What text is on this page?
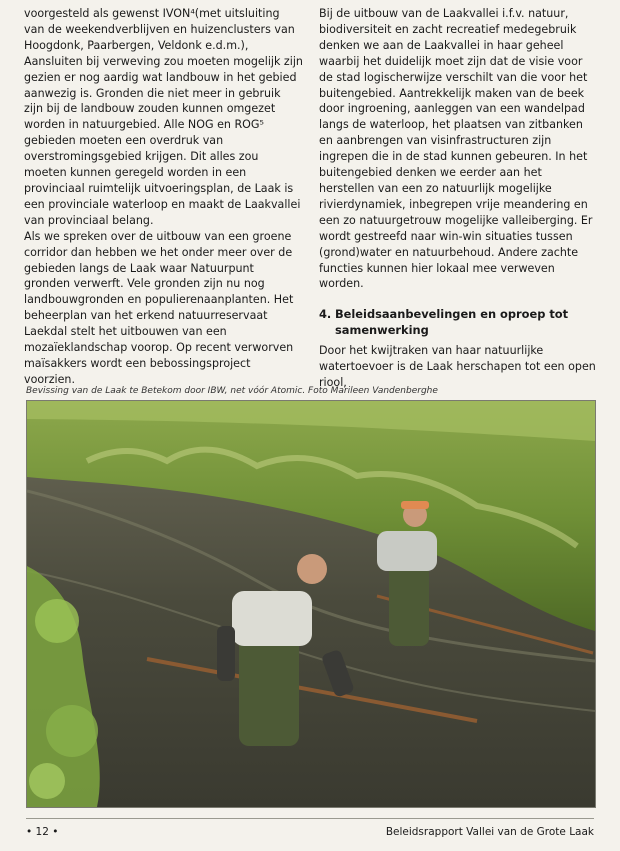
voorgesteld als gewenst IVON⁴(met uitsluiting van de weekendverblijven en huizenclusters van Hoogdonk, Paarbergen, Veldonk e.d.m.), Aansluiten bij verweving zou moeten mogelijk zijn gezien er nog aardig wat landbouw in het gebied aanwezig is. Gronden die niet meer in gebruik zijn bij de landbouw zouden kunnen omgezet worden in natuurgebied. Alle NOG en ROG⁵ gebieden moeten een overdruk van overstromingsgebied krijgen. Dit alles zou moeten kunnen geregeld worden in een provinciaal ruimtelijk uitvoeringsplan, de Laak is een provinciale waterloop en maakt de Laakvallei van provinciaal belang.

Als we spreken over de uitbouw van een groene corridor dan hebben we het onder meer over de gebieden langs de Laak waar Natuurpunt gronden verwerft. Vele gronden zijn nu nog landbouwgronden en populierenaanplanten. Het beheerplan van het erkend natuurreservaat Laekdal stelt het uitbouwen van een mozaïeklandschap voorop. Op recent verworven maïsakkers wordt een bebossingsproject voorzien.

Bij de uitbouw van de Laakvallei i.f.v. natuur, biodiversiteit en zacht recreatief medegebruik denken we aan de Laakvallei in haar geheel waarbij het duidelijk moet zijn dat de visie voor de stad logischerwijze verschilt van die voor het buitengebied. Aantrekkelijk maken van de beek door ingroening, aanleggen van een wandelpad langs de waterloop, het plaatsen van zitbanken en aanbrengen van visinfrastructuren zijn ingrepen die in de stad kunnen gebeuren. In het buitengebied denken we eerder aan het herstellen van een zo natuurlijk mogelijke rivierdynamiek, inbegrepen vrije meandering en een zo natuurgetrouw mogelijke valleiberging. Er wordt gestreefd naar win-win situaties tussen (grond)water en natuurbehoud. Andere zachte functies kunnen hier lokaal mee verweven worden.

4. Beleidsaanbevelingen en oproep tot samenwerking

Door het kwijtraken van haar natuurlijke watertoevoer is de Laak herschapen tot een open riool,

Bevissing van de Laak te Betekom door IBW, net vóór Atomic. Foto Marileen Vandenberghe
• 12 •	Beleidsrapport Vallei van de Grote Laak
